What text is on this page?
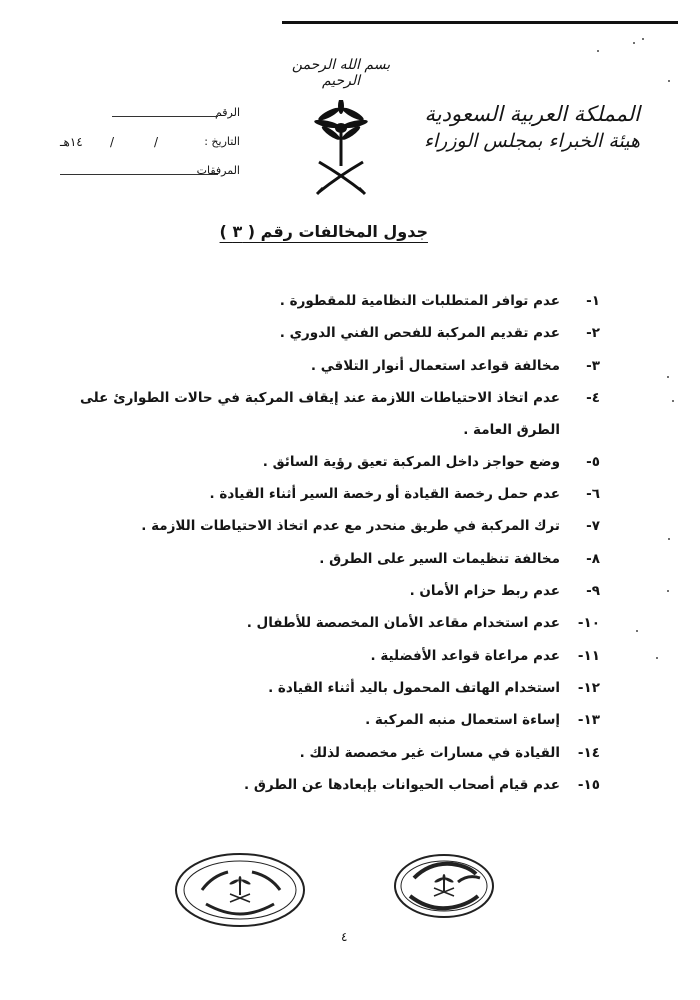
بسم الله الرحمن الرحيم
المملكة العربية السعودية
هيئة الخبراء بمجلس الوزراء
الرقم
التاريخ :
/
/
١٤هـ
المرفقات
جدول المخالفات رقم ( ٣ )
١-
عدم توافر المتطلبات النظامية للمقطورة .
٢-
عدم تقديم المركبة للفحص الفني الدوري .
٣-
مخالفة قواعد استعمال أنوار التلاقي .
٤-
عدم اتخاذ الاحتياطات اللازمة عند إيقاف المركبة في حالات الطوارئ على الطرق العامة .
٥-
وضع حواجز داخل المركبة تعيق رؤية السائق .
٦-
عدم حمل رخصة القيادة أو رخصة السير أثناء القيادة .
٧-
ترك المركبة في طريق منحدر مع عدم اتخاذ الاحتياطات اللازمة .
٨-
مخالفة تنظيمات السير على الطرق .
٩-
عدم ربط حزام الأمان .
١٠-
عدم استخدام مقاعد الأمان المخصصة للأطفال .
١١-
عدم مراعاة قواعد الأفضلية .
١٢-
استخدام الهاتف المحمول باليد أثناء القيادة .
١٣-
إساءة استعمال منبه المركبة .
١٤-
القيادة في مسارات غير مخصصة لذلك .
١٥-
عدم قيام أصحاب الحيوانات بإبعادها عن الطرق .
٤
